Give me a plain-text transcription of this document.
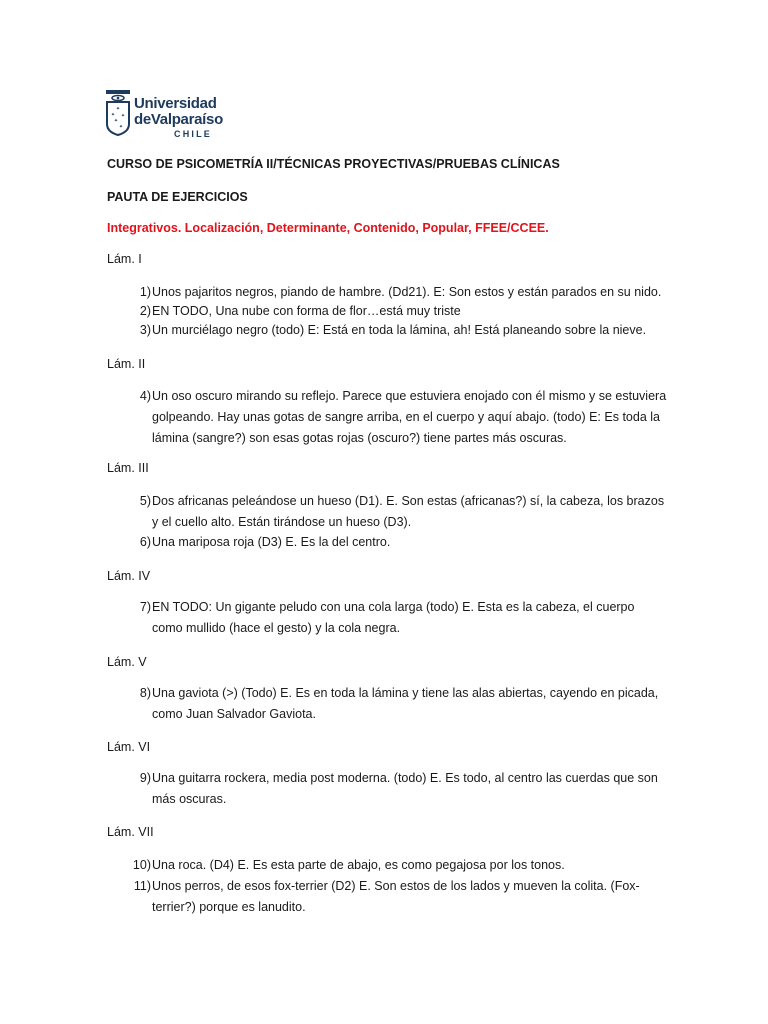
✦
✦ ✦
✦
✦
Universidad
deValparaíso
CHILE
CURSO DE PSICOMETRÍA II/TÉCNICAS PROYECTIVAS/PRUEBAS CLÍNICAS
PAUTA DE EJERCICIOS
Integrativos. Localización, Determinante, Contenido, Popular, FFEE/CCEE.
Lám. I
1) Unos pajaritos negros, piando de hambre. (Dd21). E: Son estos y están parados en su nido.
2) EN TODO, Una nube con forma de flor…está muy triste
3) Un murciélago negro (todo) E: Está en toda la lámina, ah! Está planeando sobre la nieve.
Lám. II
4) Un oso oscuro mirando su reflejo. Parece que estuviera enojado con él mismo y se estuviera golpeando. Hay unas gotas de sangre arriba, en el cuerpo y aquí abajo. (todo) E: Es toda la lámina (sangre?) son esas gotas rojas (oscuro?) tiene partes más oscuras.
Lám. III
5) Dos africanas peleándose un hueso (D1). E. Son estas (africanas?) sí, la cabeza, los brazos y el cuello alto. Están tirándose un hueso (D3).
6) Una mariposa roja (D3) E. Es la del centro.
Lám. IV
7) EN TODO: Un gigante peludo con una cola larga (todo) E. Esta es la cabeza, el cuerpo como mullido (hace el gesto) y la cola negra.
Lám. V
8) Una gaviota (>) (Todo) E. Es en toda la lámina y tiene las alas abiertas, cayendo en picada, como Juan Salvador Gaviota.
Lám. VI
9) Una guitarra rockera, media post moderna. (todo) E. Es todo, al centro las cuerdas que son más oscuras.
Lám. VII
10) Una roca. (D4) E. Es esta parte de abajo, es como pegajosa por los tonos.
11) Unos perros, de esos fox-terrier (D2) E. Son estos de los lados y mueven la colita. (Fox-terrier?) porque es lanudito.
